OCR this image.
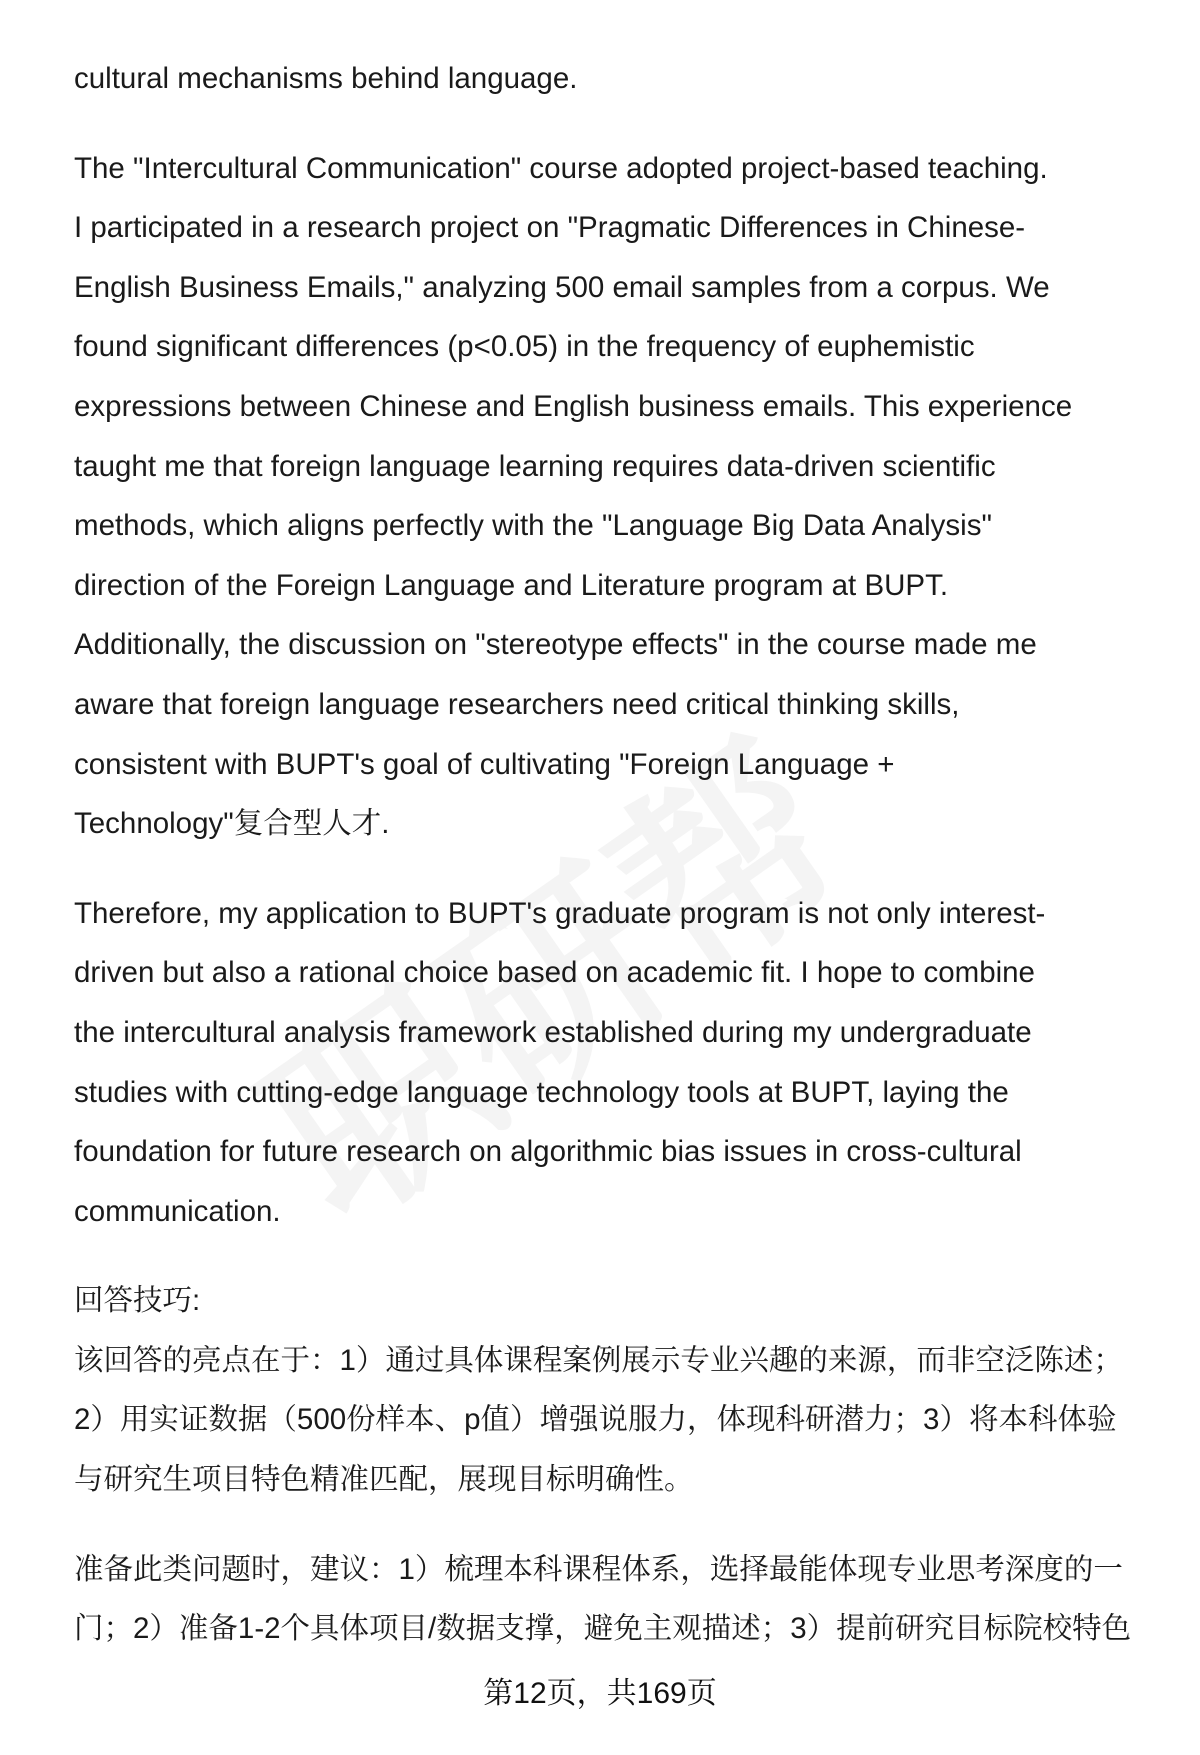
cultural mechanisms behind language.
The "Intercultural Communication" course adopted project-based teaching.
I participated in a research project on "Pragmatic Differences in Chinese-
English Business Emails," analyzing 500 email samples from a corpus. We
found significant differences (p<0.05) in the frequency of euphemistic
expressions between Chinese and English business emails. This experience
taught me that foreign language learning requires data-driven scientific
methods, which aligns perfectly with the "Language Big Data Analysis"
direction of the Foreign Language and Literature program at BUPT.
Additionally, the discussion on "stereotype effects" in the course made me
aware that foreign language researchers need critical thinking skills,
consistent with BUPT's goal of cultivating "Foreign Language +
Technology"复合型人才.
Therefore, my application to BUPT's graduate program is not only interest-
driven but also a rational choice based on academic fit. I hope to combine
the intercultural analysis framework established during my undergraduate
studies with cutting-edge language technology tools at BUPT, laying the
foundation for future research on algorithmic bias issues in cross-cultural
communication.
回答技巧:
该回答的亮点在于：1）通过具体课程案例展示专业兴趣的来源，而非空泛陈述；
2）用实证数据（500份样本、p值）增强说服力，体现科研潜力；3）将本科体验
与研究生项目特色精准匹配，展现目标明确性。
准备此类问题时，建议：1）梳理本科课程体系，选择最能体现专业思考深度的一
门；2）准备1-2个具体项目/数据支撑，避免主观描述；3）提前研究目标院校特色
第12页，共169页
